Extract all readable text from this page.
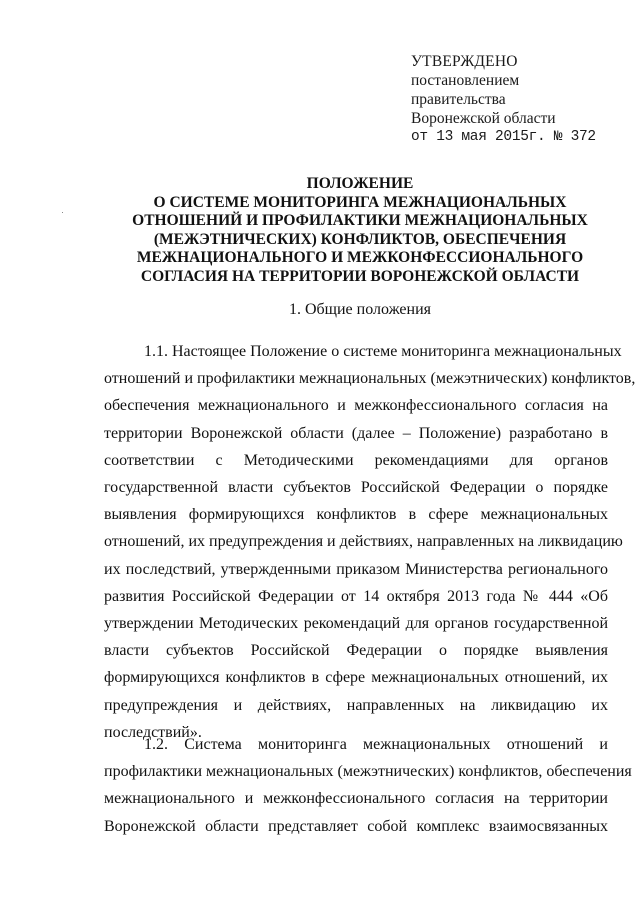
УТВЕРЖДЕНО
постановлением
правительства
Воронежской области
от 13 мая 2015г. № 372
ПОЛОЖЕНИЕ
О СИСТЕМЕ МОНИТОРИНГА МЕЖНАЦИОНАЛЬНЫХ
ОТНОШЕНИЙ И ПРОФИЛАКТИКИ МЕЖНАЦИОНАЛЬНЫХ
(МЕЖЭТНИЧЕСКИХ) КОНФЛИКТОВ, ОБЕСПЕЧЕНИЯ
МЕЖНАЦИОНАЛЬНОГО И МЕЖКОНФЕССИОНАЛЬНОГО
СОГЛАСИЯ НА ТЕРРИТОРИИ ВОРОНЕЖСКОЙ ОБЛАСТИ
1. Общие положения
1.1. Настоящее Положение о системе мониторинга межнациональных
отношений и профилактики межнациональных (межэтнических) конфликтов,
обеспечения межнационального и межконфессионального согласия на
территории Воронежской области (далее – Положение) разработано в
соответствии с Методическими рекомендациями для органов
государственной власти субъектов Российской Федерации о порядке
выявления формирующихся конфликтов в сфере межнациональных
отношений, их предупреждения и действиях, направленных на ликвидацию
их последствий, утвержденными приказом Министерства регионального
развития Российской Федерации от 14 октября 2013 года № 444 «Об
утверждении Методических рекомендаций для органов государственной
власти субъектов Российской Федерации о порядке выявления
формирующихся конфликтов в сфере межнациональных отношений, их
предупреждения и действиях, направленных на ликвидацию их
последствий».
1.2. Система мониторинга межнациональных отношений и
профилактики межнациональных (межэтнических) конфликтов, обеспечения
межнационального и межконфессионального согласия на территории
Воронежской области представляет собой комплекс взаимосвязанных
